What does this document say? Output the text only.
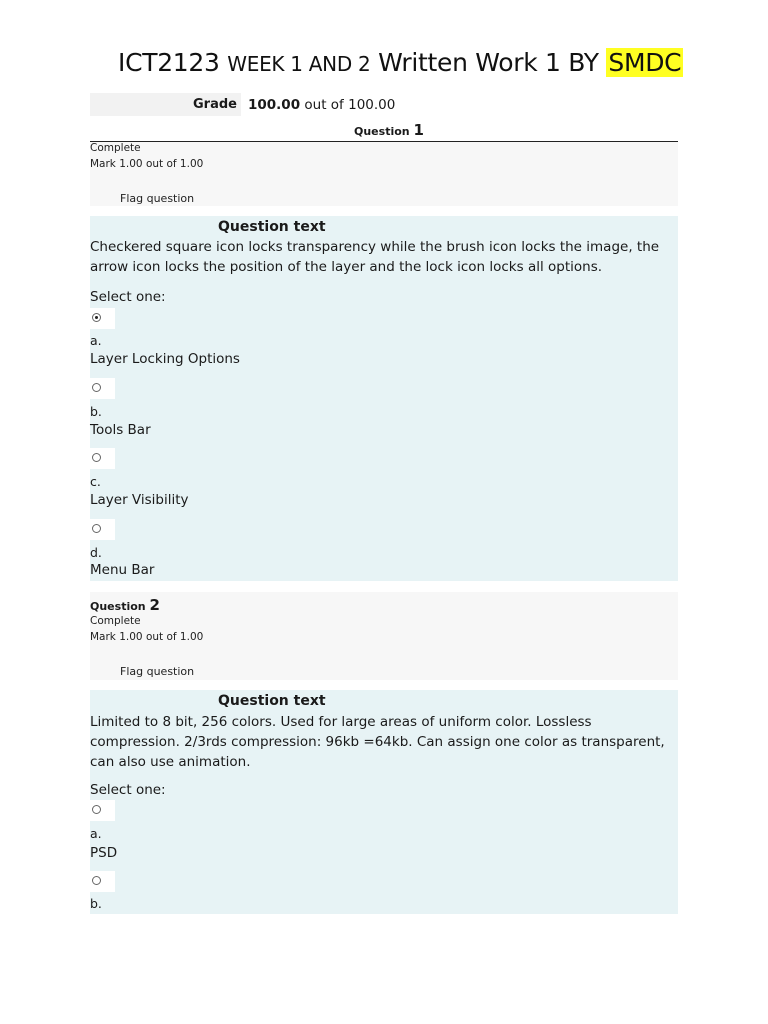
ICT2123 WEEK 1 AND 2 Written Work 1 BY SMDC
Grade 100.00 out of 100.00
Question 1
Complete
Mark 1.00 out of 1.00
Flag question
Question text
Checkered square icon locks transparency while the brush icon locks the image, the arrow icon locks the position of the layer and the lock icon locks all options.
Select one:
a.
Layer Locking Options
b.
Tools Bar
c.
Layer Visibility
d.
Menu Bar
Question 2
Complete
Mark 1.00 out of 1.00
Flag question
Question text
Limited to 8 bit, 256 colors. Used for large areas of uniform color. Lossless compression. 2/3rds compression: 96kb =64kb. Can assign one color as transparent, can also use animation.
Select one:
a.
PSD
b.
